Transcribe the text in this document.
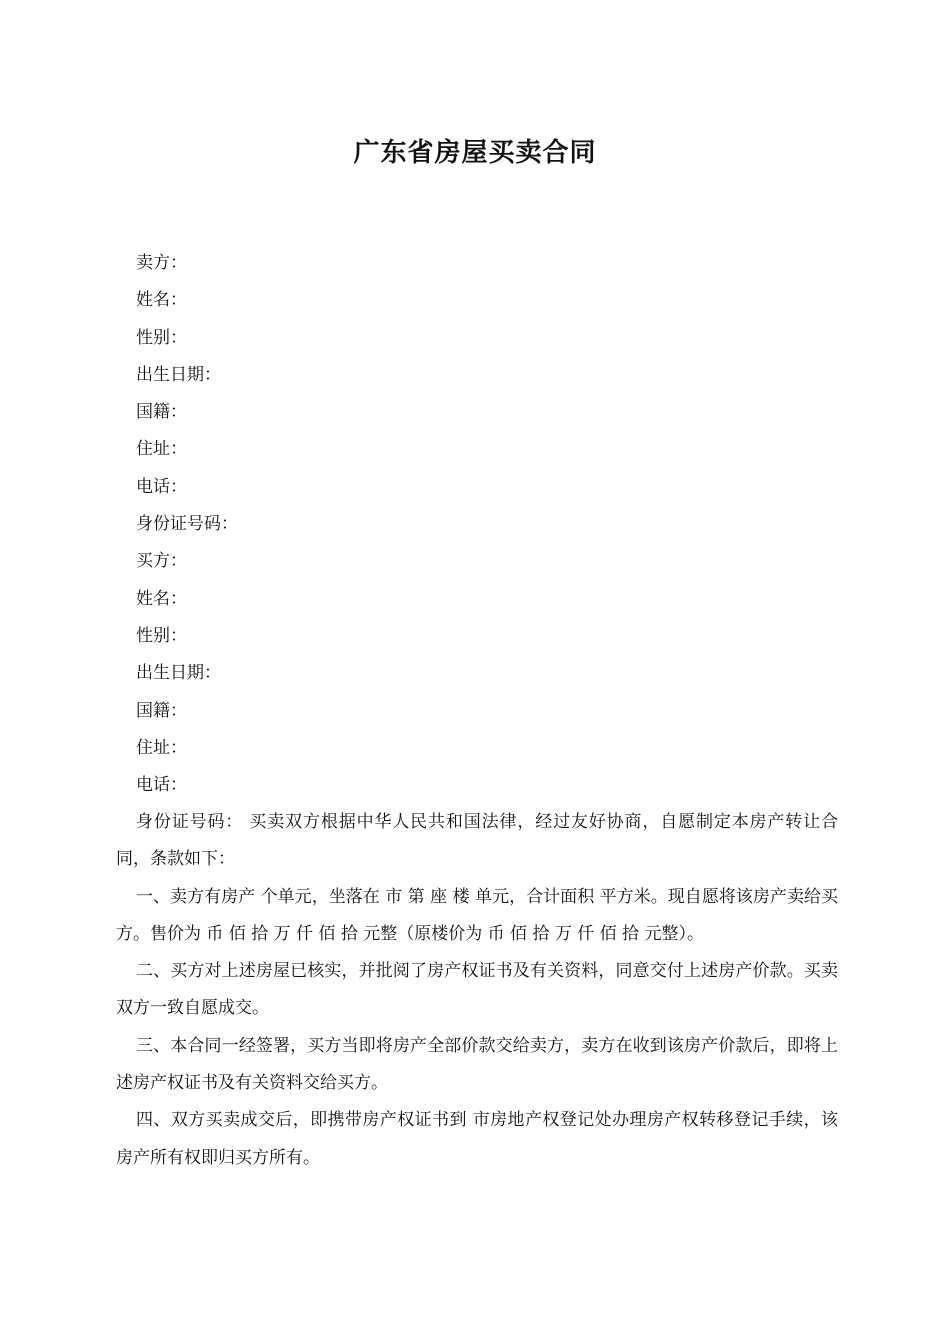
广东省房屋买卖合同
卖方：
姓名：
性别：
出生日期：
国籍：
住址：
电话：
身份证号码：
买方：
姓名：
性别：
出生日期：
国籍：
住址：
电话：

身份证号码： 买卖双方根据中华人民共和国法律，经过友好协商，自愿制定本房产转让合同，条款如下：

一、卖方有房产 个单元，坐落在 市 第 座 楼 单元，合计面积 平方米。现自愿将该房产卖给买方。售价为 币 佰 拾 万 仟 佰 拾 元整（原楼价为 币 佰 拾 万 仟 佰 拾 元整）。

二、买方对上述房屋已核实，并批阅了房产权证书及有关资料，同意交付上述房产价款。买卖双方一致自愿成交。

三、本合同一经签署，买方当即将房产全部价款交给卖方，卖方在收到该房产价款后，即将上述房产权证书及有关资料交给买方。

四、双方买卖成交后，即携带房产权证书到 市房地产权登记处办理房产权转移登记手续，该房产所有权即归买方所有。
